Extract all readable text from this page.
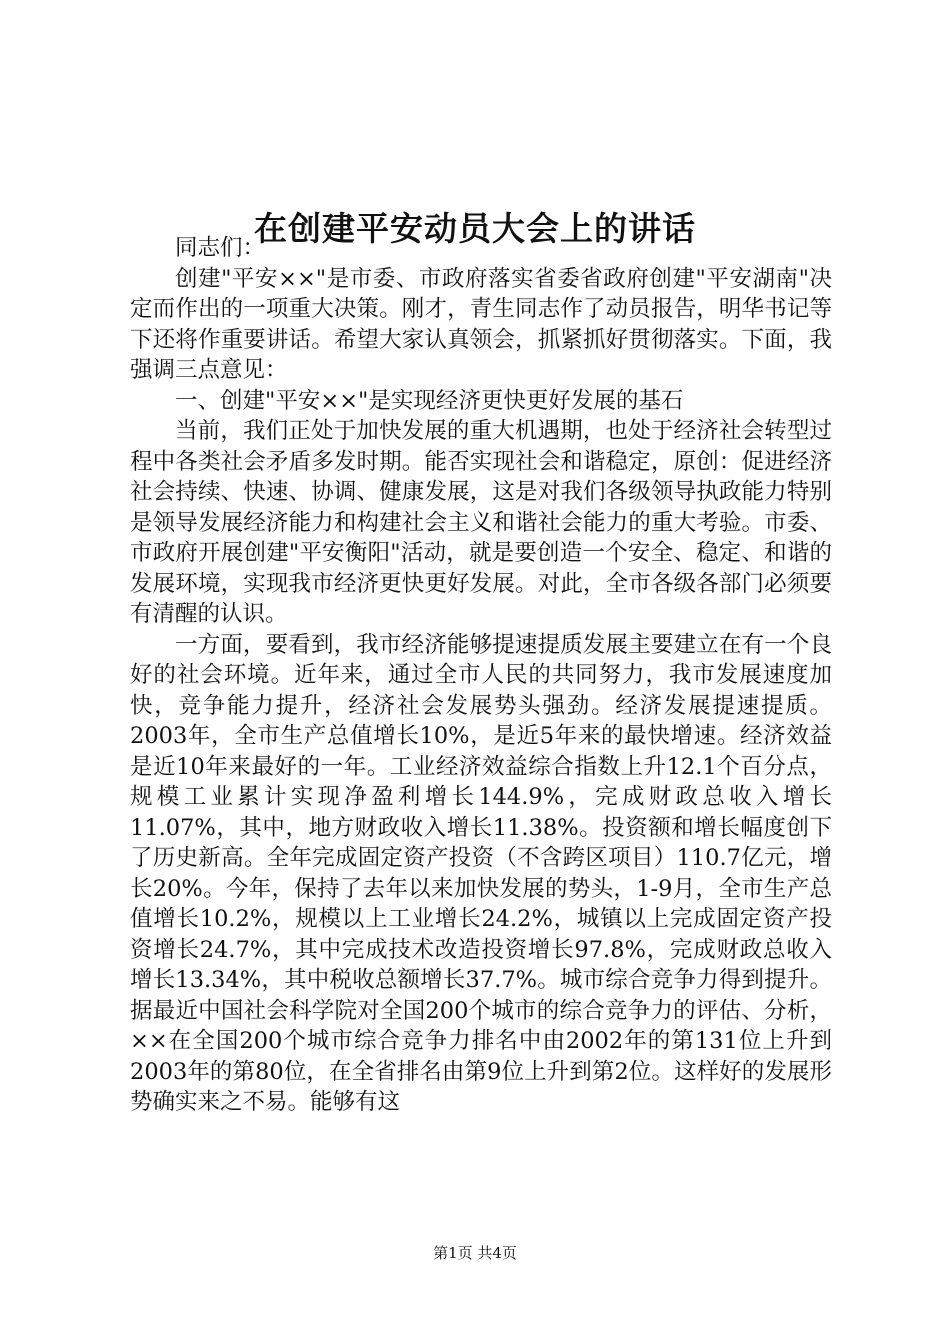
在创建平安动员大会上的讲话

同志们：

创建"平安××"是市委、市政府落实省委省政府创建"平安湖南"决定而作出的一项重大决策。刚才，青生同志作了动员报告，明华书记等下还将作重要讲话。希望大家认真领会，抓紧抓好贯彻落实。下面，我强调三点意见：

一、创建"平安××"是实现经济更快更好发展的基石

当前，我们正处于加快发展的重大机遇期，也处于经济社会转型过程中各类社会矛盾多发时期。能否实现社会和谐稳定，原创：促进经济社会持续、快速、协调、健康发展，这是对我们各级领导执政能力特别是领导发展经济能力和构建社会主义和谐社会能力的重大考验。市委、市政府开展创建"平安衡阳"活动，就是要创造一个安全、稳定、和谐的发展环境，实现我市经济更快更好发展。对此，全市各级各部门必须要有清醒的认识。

一方面，要看到，我市经济能够提速提质发展主要建立在有一个良好的社会环境。近年来，通过全市人民的共同努力，我市发展速度加快，竞争能力提升，经济社会发展势头强劲。经济发展提速提质。2003年，全市生产总值增长10%，是近5年来的最快增速。经济效益是近10年来最好的一年。工业经济效益综合指数上升12.1个百分点，规模工业累计实现净盈利增长144.9%，完成财政总收入增长11.07%，其中，地方财政收入增长11.38%。投资额和增长幅度创下了历史新高。全年完成固定资产投资（不含跨区项目）110.7亿元，增长20%。今年，保持了去年以来加快发展的势头，1-9月，全市生产总值增长10.2%，规模以上工业增长24.2%，城镇以上完成固定资产投资增长24.7%，其中完成技术改造投资增长97.8%，完成财政总收入增长13.34%，其中税收总额增长37.7%。城市综合竞争力得到提升。据最近中国社会科学院对全国200个城市的综合竞争力的评估、分析，××在全国200个城市综合竞争力排名中由2002年的第131位上升到2003年的第80位，在全省排名由第9位上升到第2位。这样好的发展形势确实来之不易。能够有这

第1页 共4页
